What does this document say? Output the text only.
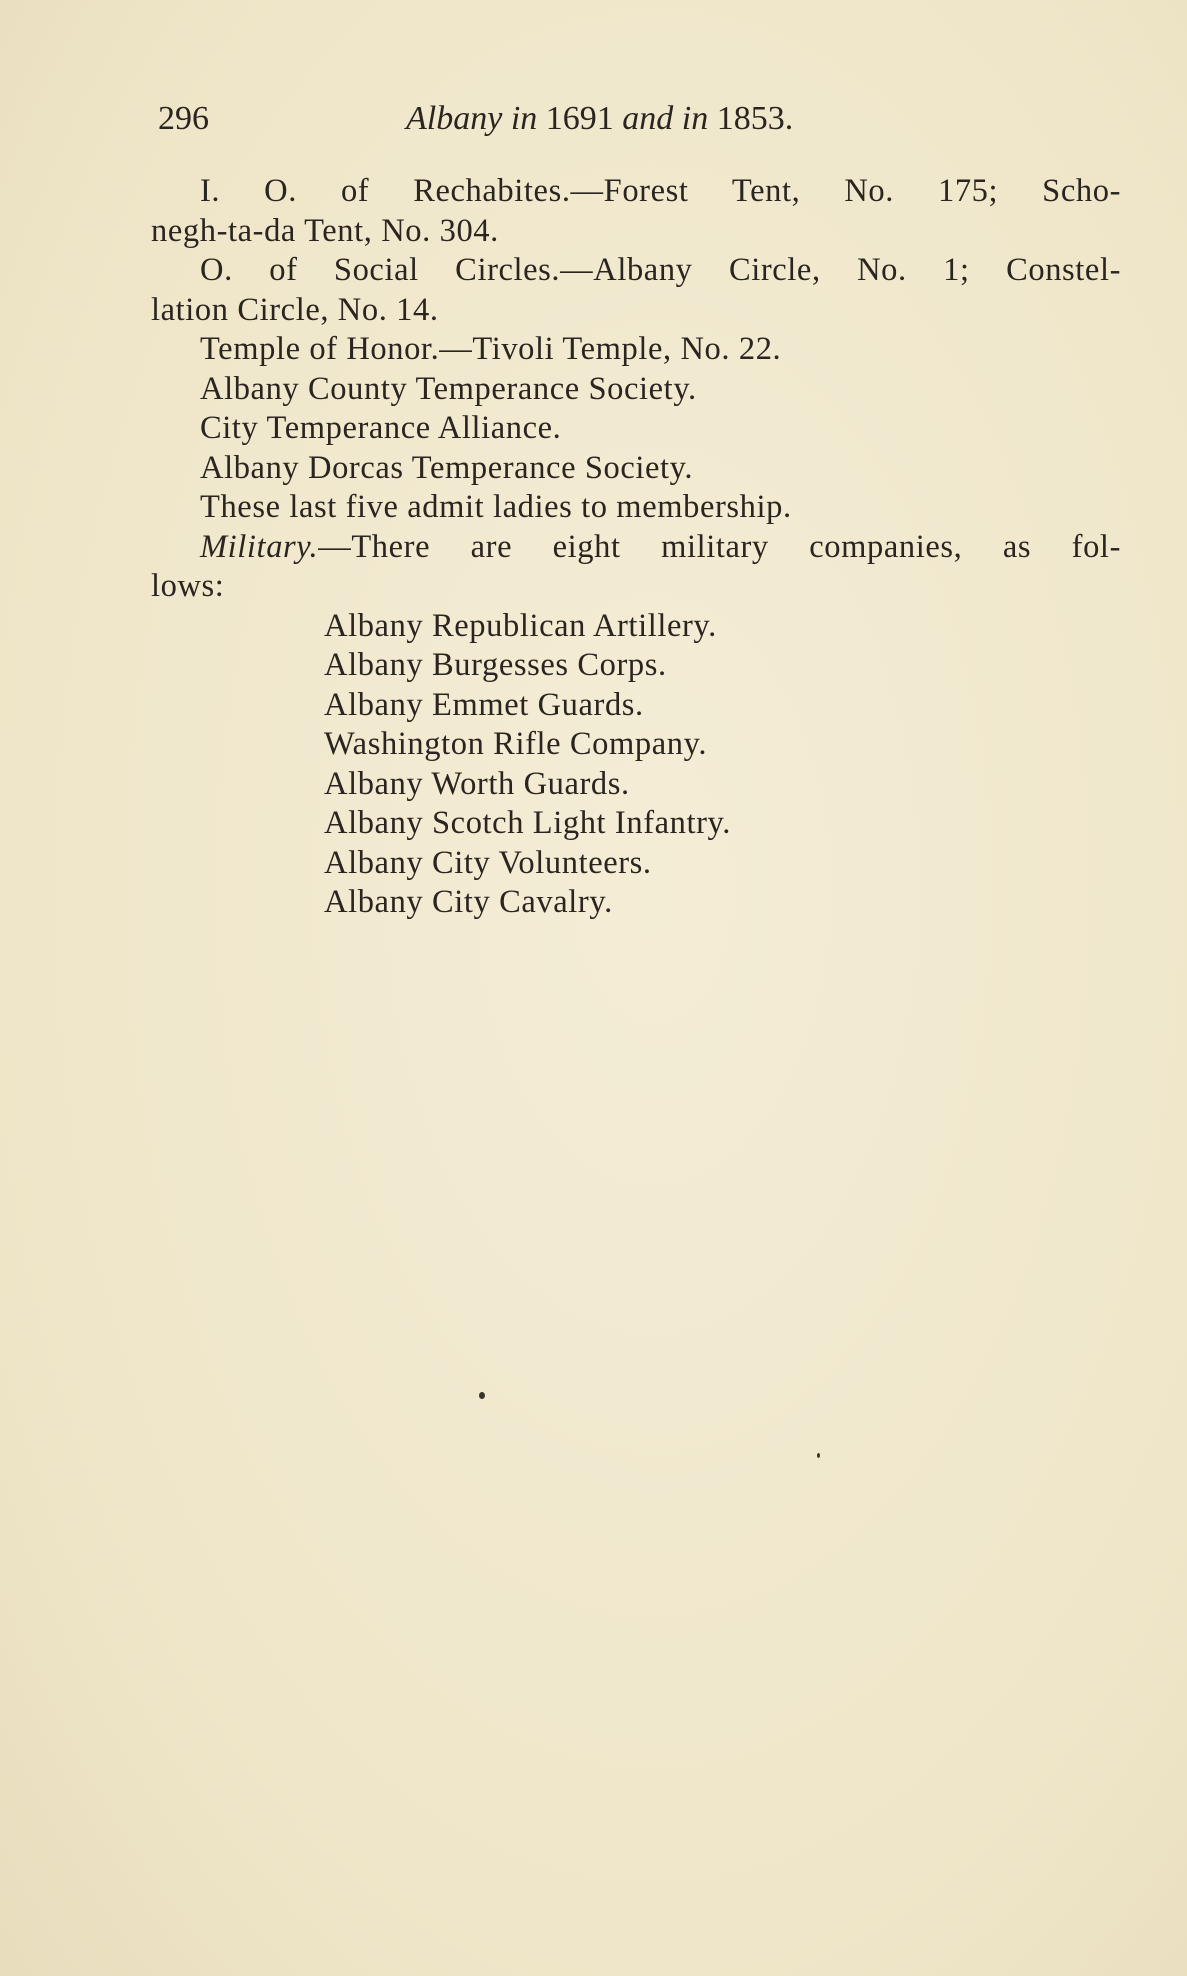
296	Albany in 1691 and in 1853.
I. O. of Rechabites.—Forest Tent, No. 175; Scho-
negh-ta-da Tent, No. 304.
O. of Social Circles.—Albany Circle, No. 1; Constel-
lation Circle, No. 14.
Temple of Honor.—Tivoli Temple, No. 22.
Albany County Temperance Society.
City Temperance Alliance.
Albany Dorcas Temperance Society.
These last five admit ladies to membership.
Military.—There are eight military companies, as fol-
lows:
Albany Republican Artillery.
Albany Burgesses Corps.
Albany Emmet Guards.
Washington Rifle Company.
Albany Worth Guards.
Albany Scotch Light Infantry.
Albany City Volunteers.
Albany City Cavalry.
